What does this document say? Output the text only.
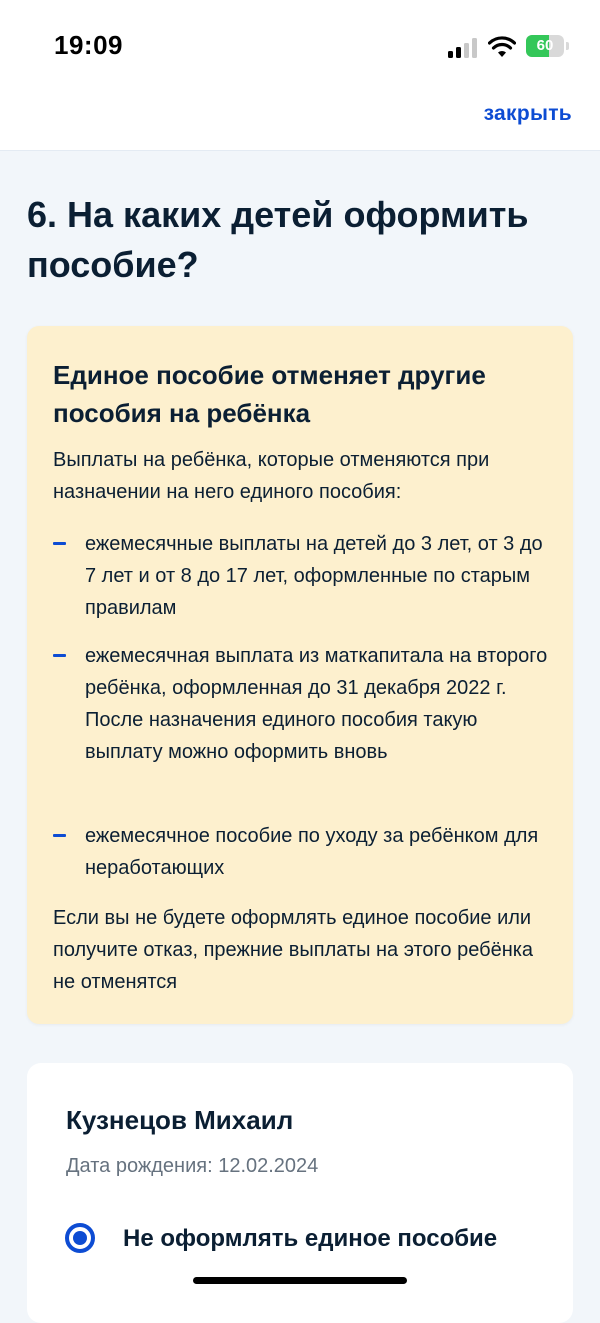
19:09	60
закрыть
6. На каких детей оформить пособие?
Единое пособие отменяет другие пособия на ребёнка

Выплаты на ребёнка, которые отменяются при назначении на него единого пособия:

ежемесячные выплаты на детей до 3 лет, от 3 до 7 лет и от 8 до 17 лет, оформленные по старым правилам

ежемесячная выплата из маткапитала на второго ребёнка, оформленная до 31 декабря 2022 г. После назначения единого пособия такую выплату можно оформить вновь

ежемесячное пособие по уходу за ребёнком для неработающих

Если вы не будете оформлять единое пособие или получите отказ, прежние выплаты на этого ребёнка не отменятся

Кузнецов Михаил
Дата рождения: 12.02.2024
Не оформлять единое пособие
